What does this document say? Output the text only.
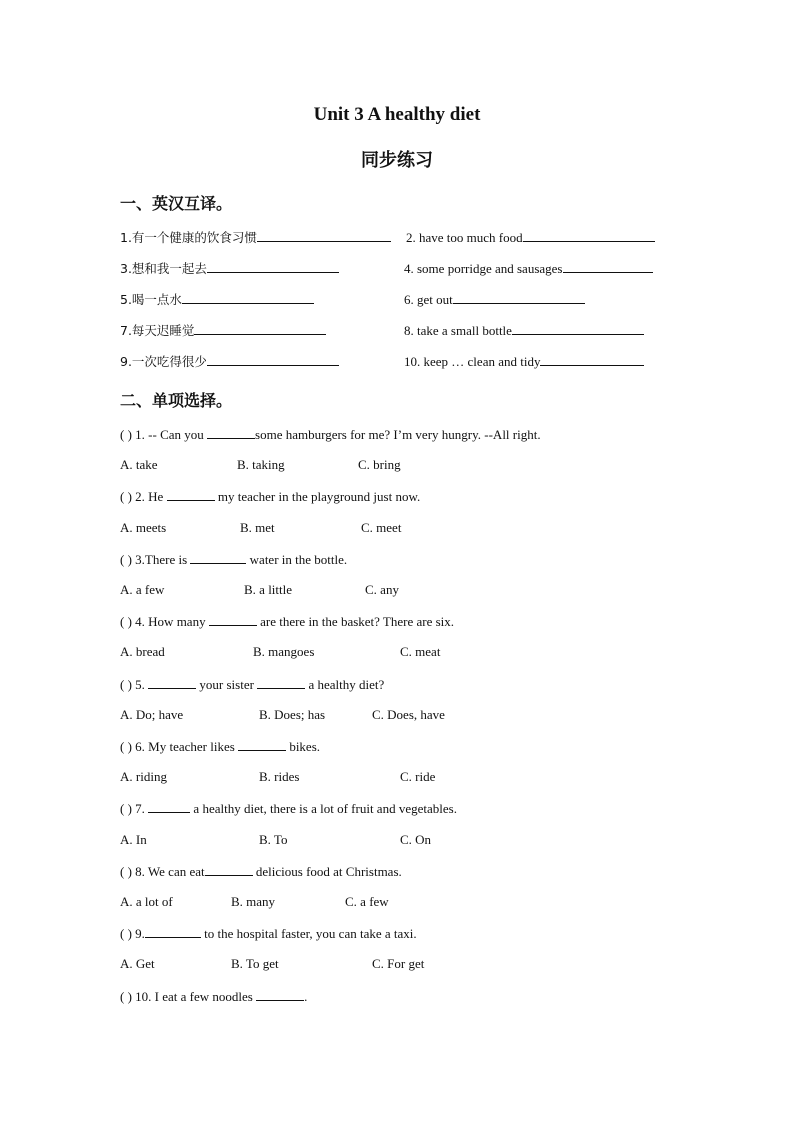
Unit 3 A healthy diet
同步练习
一、英汉互译。
1.有一个健康的饮食习惯	2. have too much food
3.想和我一起去	4. some porridge and sausages
5.喝一点水	6. get out
7.每天迟睡觉	8. take a small bottle
9.一次吃得很少	10. keep … clean and tidy
二、单项选择。
( ) 1. -- Can you	some hamburgers for me? I’m very hungry. --All right.
A. take	B. taking	C. bring
( ) 2. He	my teacher in the playground just now.
A. meets	B. met	C. meet
( ) 3.There is	water in the bottle.
A. a few	B. a little	C. any
( ) 4. How many	are there in the basket? There are six.
A. bread	B. mangoes	C. meat
( ) 5.	your sister	a healthy diet?
A. Do; have	B. Does; has	C. Does, have
( ) 6. My teacher likes	bikes.
A. riding	B. rides	C. ride
( ) 7.	a healthy diet, there is a lot of fruit and vegetables.
A. In	B. To	C. On
( ) 8. We can eat	delicious food at Christmas.
A. a lot of	B. many	C. a few
( ) 9.	to the hospital faster, you can take a taxi.
A. Get	B. To get	C. For get
( ) 10. I eat a few noodles	.
